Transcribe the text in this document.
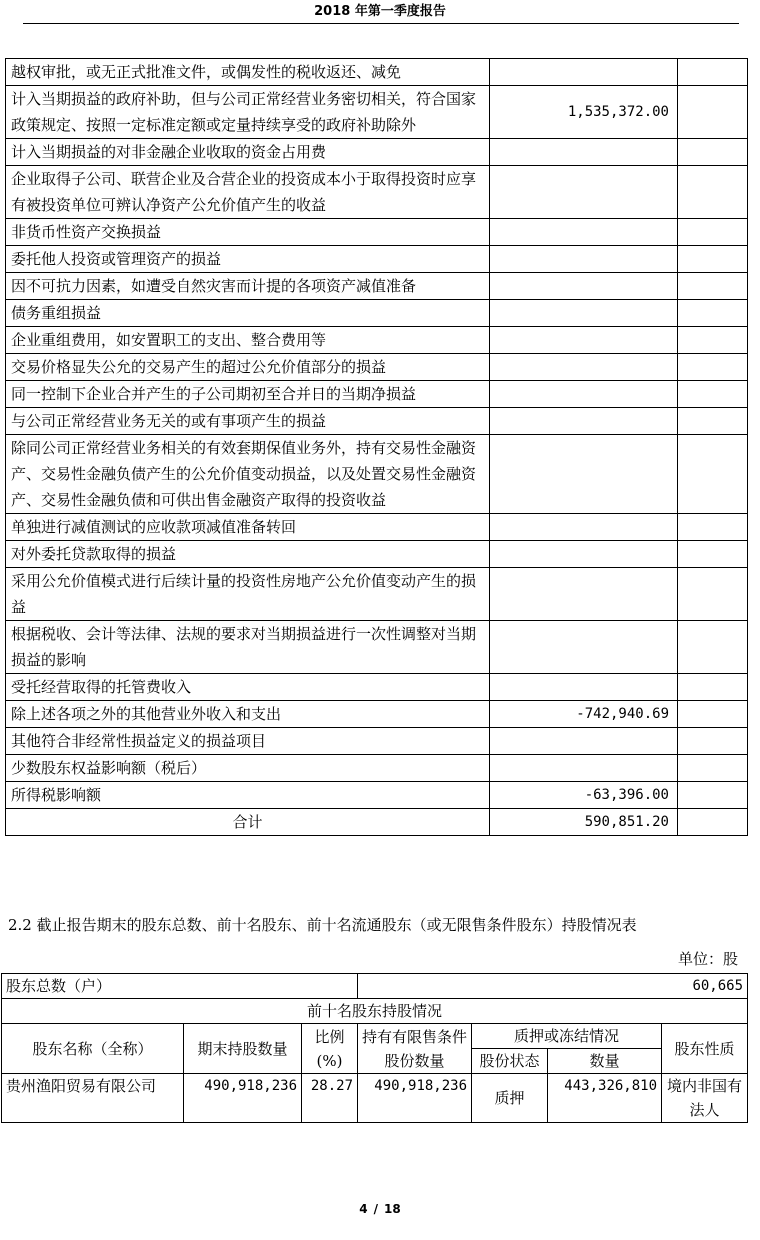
2018 年第一季度报告
越权审批，或无正式批准文件，或偶发性的税收返还、减免		
计入当期损益的政府补助，但与公司正常经营业务密切相关，符合国家政策规定、按照一定标准定额或定量持续享受的政府补助除外	1,535,372.00	
计入当期损益的对非金融企业收取的资金占用费		
企业取得子公司、联营企业及合营企业的投资成本小于取得投资时应享有被投资单位可辨认净资产公允价值产生的收益		
非货币性资产交换损益		
委托他人投资或管理资产的损益		
因不可抗力因素，如遭受自然灾害而计提的各项资产减值准备		
债务重组损益		
企业重组费用，如安置职工的支出、整合费用等		
交易价格显失公允的交易产生的超过公允价值部分的损益		
同一控制下企业合并产生的子公司期初至合并日的当期净损益		
与公司正常经营业务无关的或有事项产生的损益		
除同公司正常经营业务相关的有效套期保值业务外，持有交易性金融资产、交易性金融负债产生的公允价值变动损益，以及处置交易性金融资产、交易性金融负债和可供出售金融资产取得的投资收益		
单独进行减值测试的应收款项减值准备转回		
对外委托贷款取得的损益		
采用公允价值模式进行后续计量的投资性房地产公允价值变动产生的损益		
根据税收、会计等法律、法规的要求对当期损益进行一次性调整对当期损益的影响		
受托经营取得的托管费收入		
除上述各项之外的其他营业外收入和支出	-742,940.69	
其他符合非经常性损益定义的损益项目		
少数股东权益影响额（税后）		
所得税影响额	-63,396.00	
合计	590,851.20	
2.2 截止报告期末的股东总数、前十名股东、前十名流通股东（或无限售条件股东）持股情况表
单位：股
股东总数（户）			60,665			
前十名股东持股情况						
股东名称（全称）	期末持股数量	比例(%)	持有有限售条件股份数量	质押或冻结情况		股东性质
				股份状态	数量	
贵州渔阳贸易有限公司	490,918,236	28.27	490,918,236	质押	443,326,810	境内非国有法人
4 / 18
